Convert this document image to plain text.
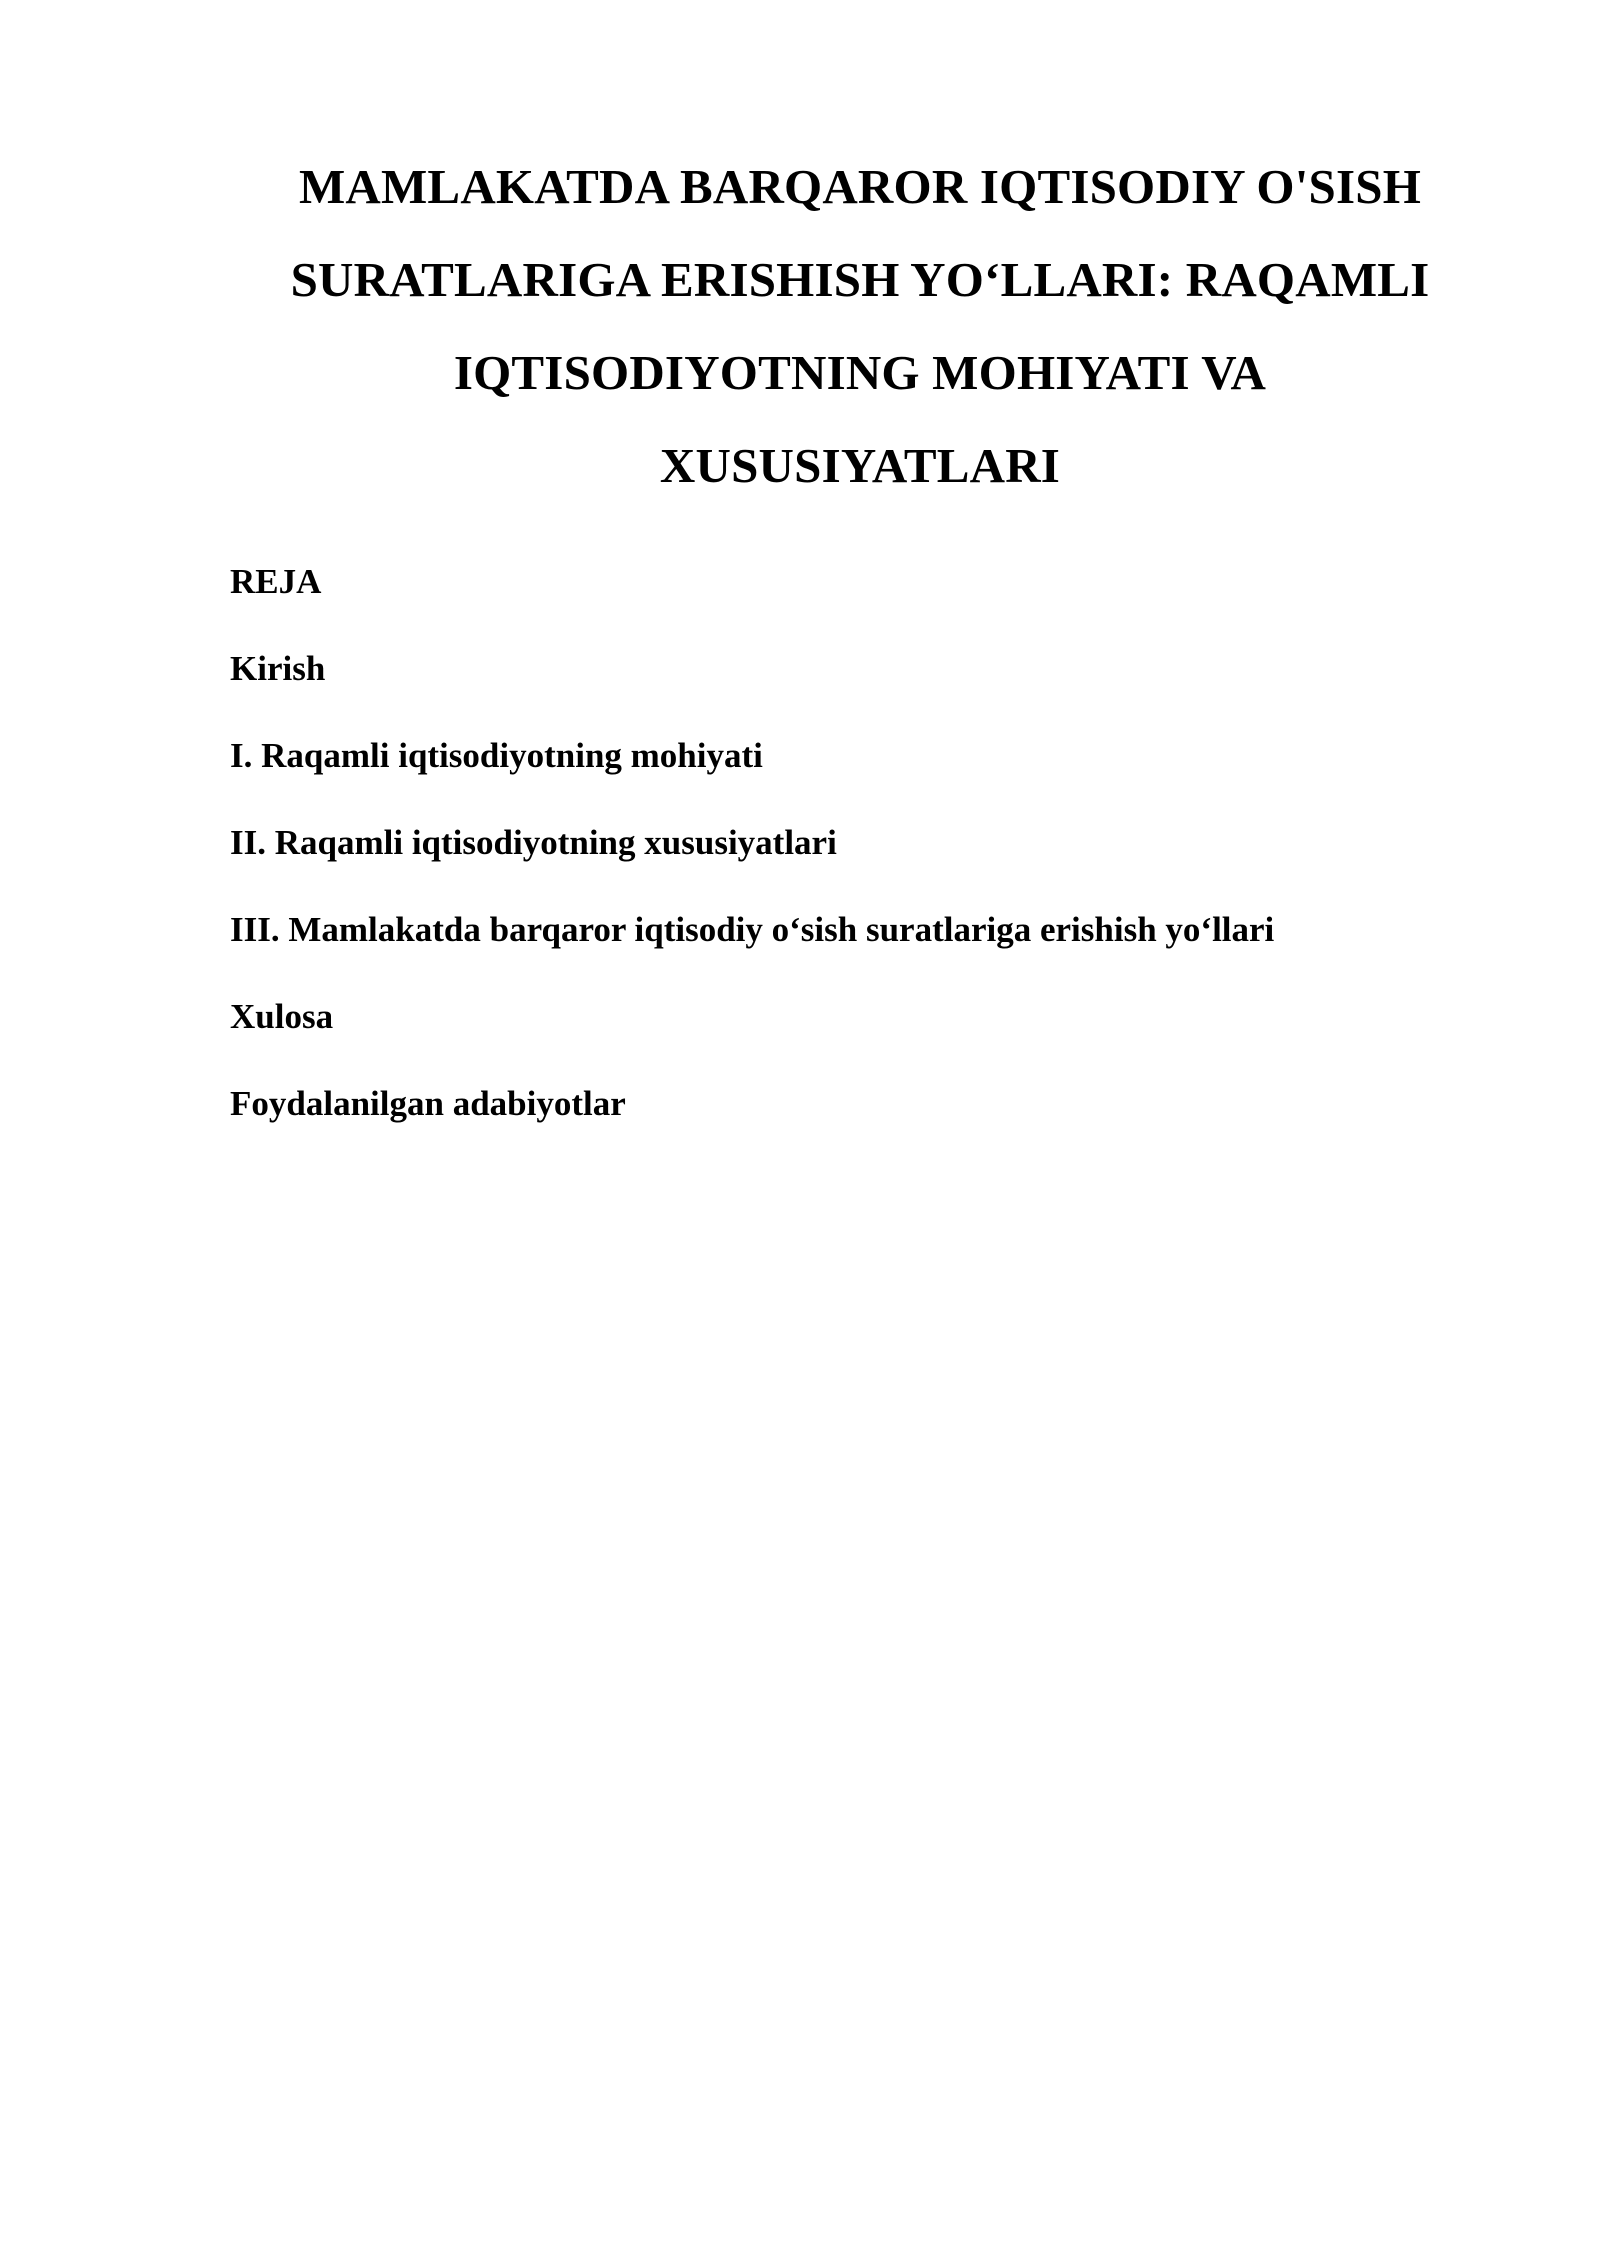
MAMLAKATDA BARQAROR IQTISODIY O'SISH
SURATLARIGA ERISHISH YO‘LLARI: RAQAMLI
IQTISODIYOTNING MOHIYATI VA
XUSUSIYATLARI
REJA
Kirish
I. Raqamli iqtisodiyotning mohiyati
II. Raqamli iqtisodiyotning xususiyatlari
III. Mamlakatda barqaror iqtisodiy o‘sish suratlariga erishish yo‘llari
Xulosa
Foydalanilgan adabiyotlar
